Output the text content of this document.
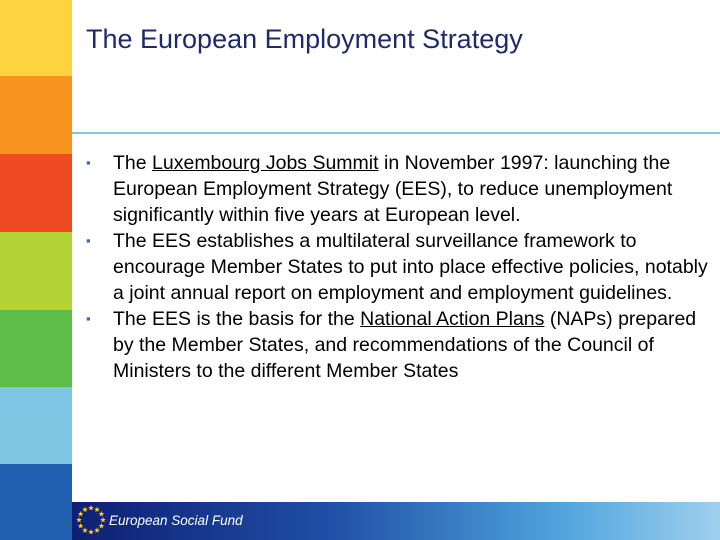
The European Employment Strategy
▪ The Luxembourg Jobs Summit in November 1997: launching the European Employment Strategy (EES), to reduce unemployment significantly within five years at European level.
▪ The EES establishes a multilateral surveillance framework to encourage Member States to put into place effective policies, notably a joint annual report on employment and employment guidelines.
▪ The EES is the basis for the National Action Plans (NAPs) prepared by the Member States, and recommendations of the Council of Ministers to the different Member States
European Social Fund
